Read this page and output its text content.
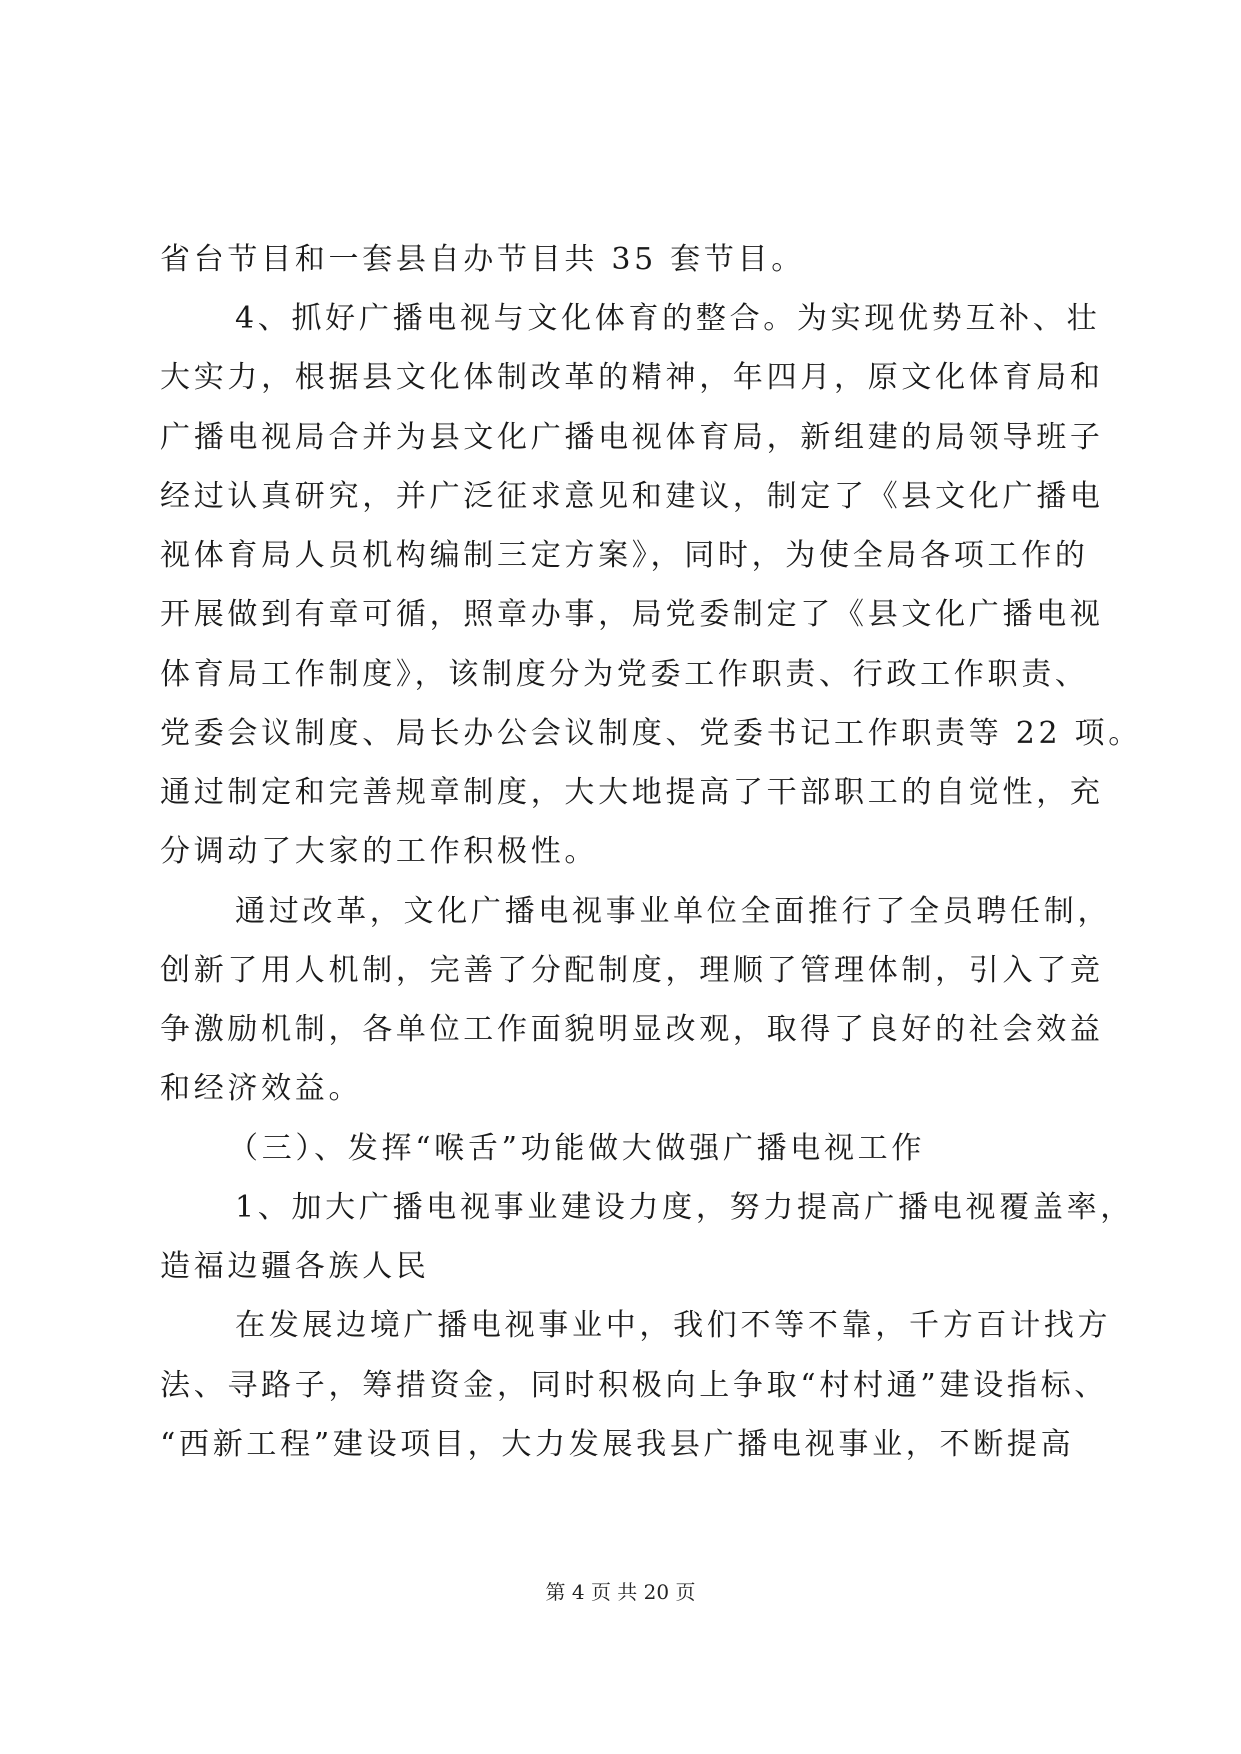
省台节目和一套县自办节目共 35 套节目。
4、抓好广播电视与文化体育的整合。为实现优势互补、壮
大实力，根据县文化体制改革的精神，年四月，原文化体育局和
广播电视局合并为县文化广播电视体育局，新组建的局领导班子
经过认真研究，并广泛征求意见和建议，制定了《县文化广播电
视体育局人员机构编制三定方案》，同时，为使全局各项工作的
开展做到有章可循，照章办事，局党委制定了《县文化广播电视
体育局工作制度》，该制度分为党委工作职责、行政工作职责、
党委会议制度、局长办公会议制度、党委书记工作职责等 22 项。
通过制定和完善规章制度，大大地提高了干部职工的自觉性，充
分调动了大家的工作积极性。
通过改革，文化广播电视事业单位全面推行了全员聘任制，
创新了用人机制，完善了分配制度，理顺了管理体制，引入了竞
争激励机制，各单位工作面貌明显改观，取得了良好的社会效益
和经济效益。
（三）、发挥“喉舌”功能做大做强广播电视工作
1、加大广播电视事业建设力度，努力提高广播电视覆盖率，
造福边疆各族人民
在发展边境广播电视事业中，我们不等不靠，千方百计找方
法、寻路子，筹措资金，同时积极向上争取“村村通”建设指标、
“西新工程”建设项目，大力发展我县广播电视事业，不断提高
第 4 页 共 20 页
